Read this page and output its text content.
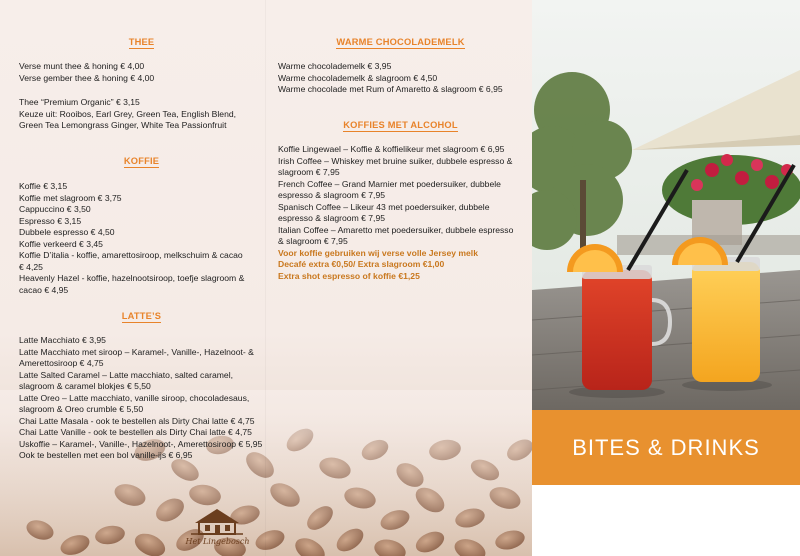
THEE
Verse munt thee & honing € 4,00
Verse gember thee & honing € 4,00
Thee “Premium Organic” € 3,15
Keuze uit: Rooibos, Earl Grey, Green Tea, English Blend,
Green Tea Lemongrass Ginger, White Tea Passionfruit
KOFFIE
Koffie € 3,15
Koffie met slagroom € 3,75
Cappuccino € 3,50
Espresso € 3,15
Dubbele espresso € 4,50
Koffie verkeerd € 3,45
Koffie D’italia - koffie, amarettosiroop, melkschuim & cacao
€ 4,25
Heavenly Hazel - koffie, hazelnootsiroop, toefje slagroom &
cacao € 4,95
LATTE’S
Latte Macchiato € 3,95
Latte Macchiato met siroop – Karamel-, Vanille-, Hazelnoot- &
Amerettosiroop € 4,75
Latte Salted Caramel – Latte macchiato, salted caramel,
slagroom & caramel blokjes € 5,50
Latte Oreo – Latte macchiato, vanille siroop, chocoladesaus,
slagroom & Oreo crumble € 5,50
Chai Latte Masala - ook te bestellen als Dirty Chai latte € 4,75
Chai Latte Vanille - ook te bestellen als Dirty Chai latte € 4,75
Uskoffie – Karamel-, Vanille-, Hazelnoot-, Amerettosiroop € 5,95
Ook te bestellen met een bol vanille-ijs € 6,95
WARME CHOCOLADEMELK
Warme chocolademelk € 3,95
Warme chocolademelk & slagroom € 4,50
Warme chocolade met Rum of Amaretto & slagroom € 6,95
KOFFIES MET ALCOHOL
Koffie Lingewael – Koffie & koffielikeur met slagroom € 6,95
Irish Coffee – Whiskey met bruine suiker, dubbele espresso &
slagroom € 7,95
French Coffee – Grand Marnier met poedersuiker, dubbele
espresso & slagroom € 7,95
Spanisch Coffee – Likeur 43 met poedersuiker, dubbele
espresso & slagroom € 7,95
Italian Coffee – Amaretto met poedersuiker, dubbele espresso
& slagroom € 7,95
Voor koffie gebruiken wij verse volle Jersey melk
Decafé extra €0,50/ Extra slagroom €1,00
Extra shot espresso of koffie €1,25
BITES & DRINKS
Het Lingebosch
